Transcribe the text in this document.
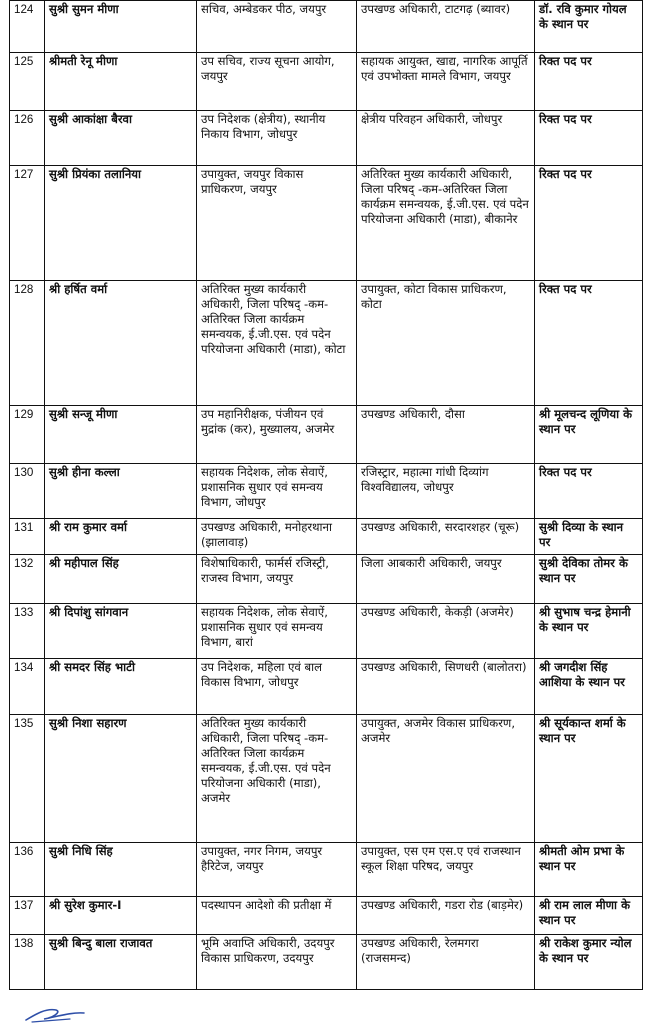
124	सुश्री सुमन मीणा	सचिव, अम्बेडकर पीठ, जयपुर	उपखण्ड अधिकारी, टाटगढ़ (ब्यावर)	डॉ. रवि कुमार गोयल के स्थान पर
125	श्रीमती रेनू मीणा	उप सचिव, राज्य सूचना आयोग, जयपुर	सहायक आयुक्त, खाद्य, नागरिक आपूर्ति एवं उपभोक्ता मामले विभाग, जयपुर	रिक्त पद पर
126	सुश्री आकांक्षा बैरवा	उप निदेशक (क्षेत्रीय), स्थानीय निकाय विभाग, जोधपुर	क्षेत्रीय परिवहन अधिकारी, जोधपुर	रिक्त पद पर
127	सुश्री प्रियंका तलानिया	उपायुक्त, जयपुर विकास प्राधिकरण, जयपुर	अतिरिक्त मुख्य कार्यकारी अधिकारी, जिला परिषद् -कम-अतिरिक्त जिला कार्यक्रम समन्वयक, ई.जी.एस. एवं पदेन परियोजना अधिकारी (माडा), बीकानेर	रिक्त पद पर
128	श्री हर्षित वर्मा	अतिरिक्त मुख्य कार्यकारी अधिकारी, जिला परिषद् -कम-अतिरिक्त जिला कार्यक्रम समन्वयक, ई.जी.एस. एवं पदेन परियोजना अधिकारी (माडा), कोटा	उपायुक्त, कोटा विकास प्राधिकरण, कोटा	रिक्त पद पर
129	सुश्री सन्जू मीणा	उप महानिरीक्षक, पंजीयन एवं मुद्रांक (कर), मुख्यालय, अजमेर	उपखण्ड अधिकारी, दौसा	श्री मूलचन्द लूणिया के स्थान पर
130	सुश्री हीना कल्ला	सहायक निदेशक, लोक सेवाऐं, प्रशासनिक सुधार एवं समन्वय विभाग, जोधपुर	रजिस्ट्रार, महात्मा गांधी दिव्यांग विश्वविद्यालय, जोधपुर	रिक्त पद पर
131	श्री राम कुमार वर्मा	उपखण्ड अधिकारी, मनोहरथाना (झालावाड़)	उपखण्ड अधिकारी, सरदारशहर (चूरू)	सुश्री दिव्या के स्थान पर
132	श्री महीपाल सिंह	विशेषाधिकारी, फार्मर्स रजिस्ट्री, राजस्व विभाग, जयपुर	जिला आबकारी अधिकारी, जयपुर	सुश्री देविका तोमर के स्थान पर
133	श्री दिपांशु सांगवान	सहायक निदेशक, लोक सेवाऐं, प्रशासनिक सुधार एवं समन्वय विभाग, बारां	उपखण्ड अधिकारी, केकड़ी (अजमेर)	श्री सुभाष चन्द्र हेमानी के स्थान पर
134	श्री समदर सिंह भाटी	उप निदेशक, महिला एवं बाल विकास विभाग, जोधपुर	उपखण्ड अधिकारी, सिणधरी (बालोतरा)	श्री जगदीश सिंह आशिया के स्थान पर
135	सुश्री निशा सहारण	अतिरिक्त मुख्य कार्यकारी अधिकारी, जिला परिषद् -कम-अतिरिक्त जिला कार्यक्रम समन्वयक, ई.जी.एस. एवं पदेन परियोजना अधिकारी (माडा), अजमेर	उपायुक्त, अजमेर विकास प्राधिकरण, अजमेर	श्री सूर्यकान्त शर्मा के स्थान पर
136	सुश्री निधि सिंह	उपायुक्त, नगर निगम, जयपुर हैरिटेज, जयपुर	उपायुक्त, एस एम एस.ए एवं राजस्थान स्कूल शिक्षा परिषद, जयपुर	श्रीमती ओम प्रभा के स्थान पर
137	श्री सुरेश कुमार-I	पदस्थापन आदेशो की प्रतीक्षा में	उपखण्ड अधिकारी, गडरा रोड (बाड़मेर)	श्री राम लाल मीणा के स्थान पर
138	सुश्री बिन्दु बाला राजावत	भूमि अवाप्ति अधिकारी, उदयपुर विकास प्राधिकरण, उदयपुर	उपखण्ड अधिकारी, रेलमगरा (राजसमन्द)	श्री राकेश कुमार न्योल के स्थान पर
